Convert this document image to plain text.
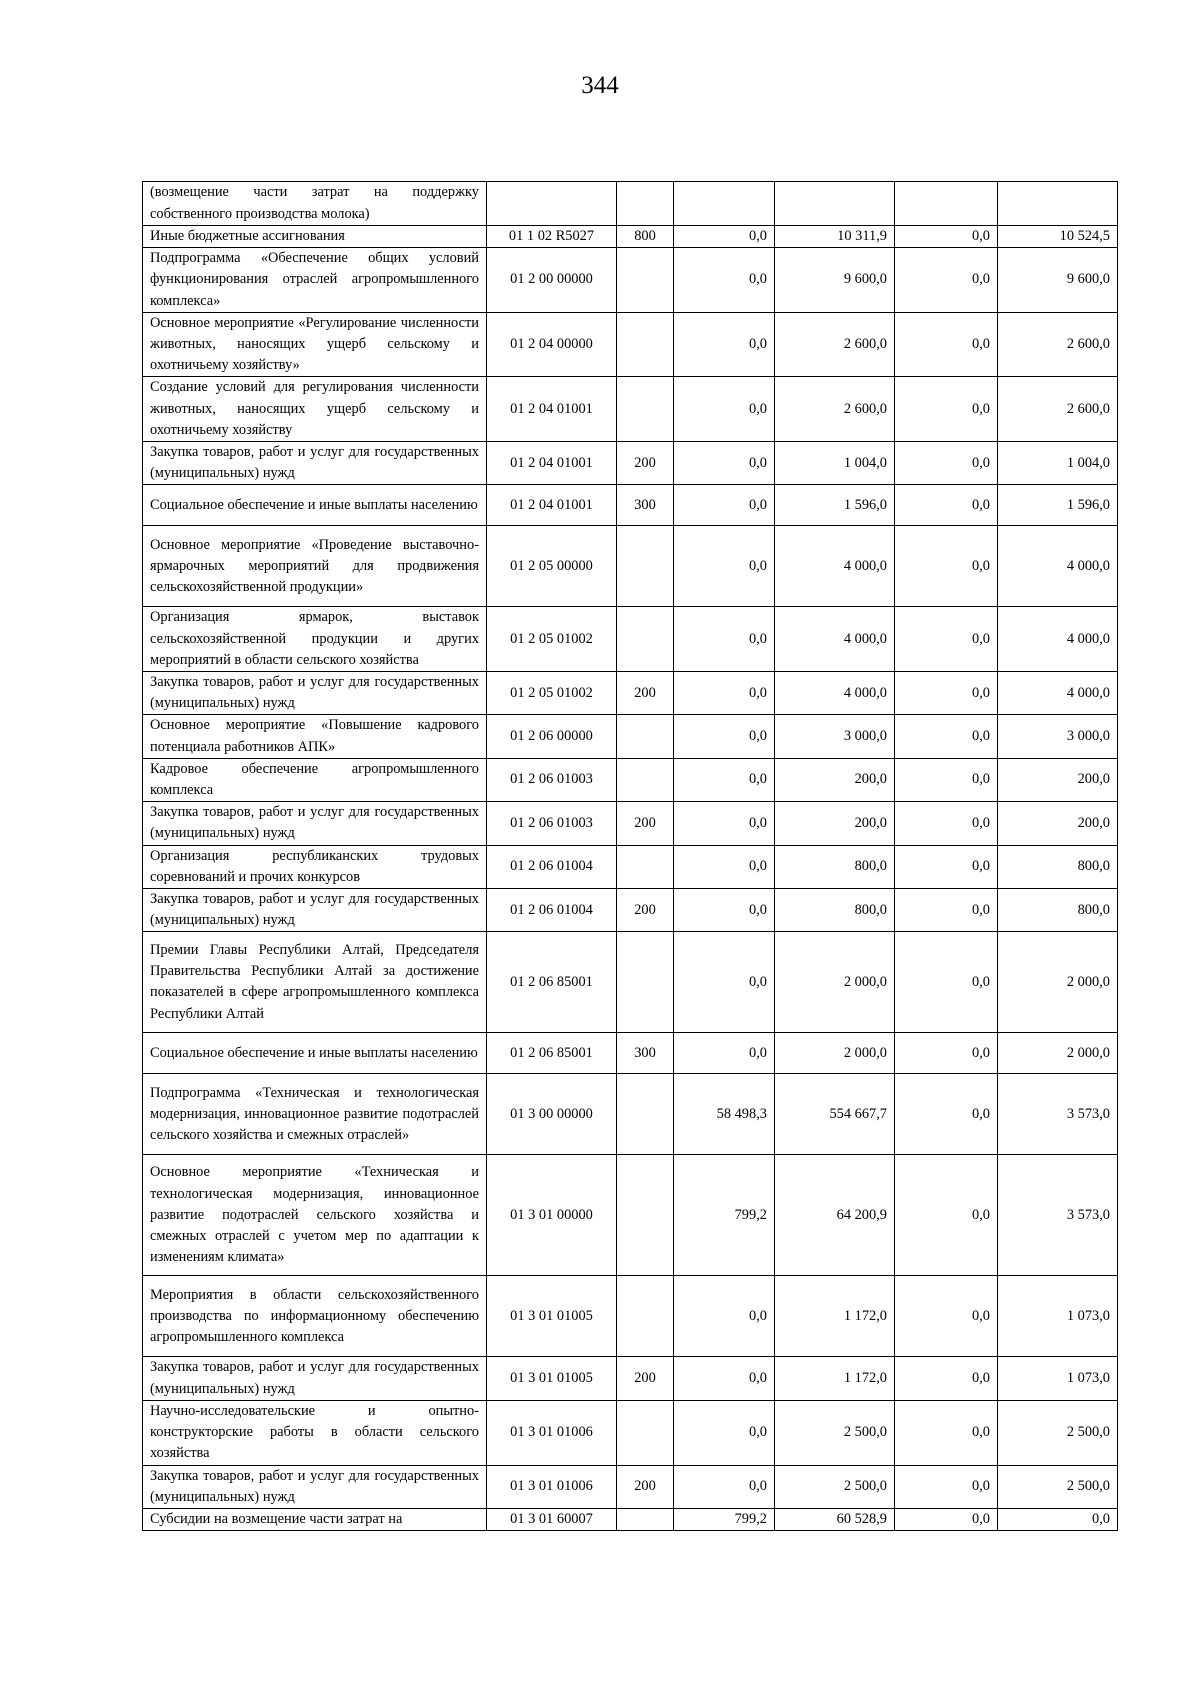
344
(возмещение части затрат на поддержку собственного производства молока)						
Иные бюджетные ассигнования	01 1 02 R5027	800	0,0	10 311,9	0,0	10 524,5
Подпрограмма «Обеспечение общих условий функционирования отраслей агропромышленного комплекса»	01 2 00 00000		0,0	9 600,0	0,0	9 600,0
Основное мероприятие «Регулирование численности животных, наносящих ущерб сельскому и охотничьему хозяйству»	01 2 04 00000		0,0	2 600,0	0,0	2 600,0
Создание условий для регулирования численности животных, наносящих ущерб сельскому и охотничьему хозяйству	01 2 04 01001		0,0	2 600,0	0,0	2 600,0
Закупка товаров, работ и услуг для государственных (муниципальных) нужд	01 2 04 01001	200	0,0	1 004,0	0,0	1 004,0
Социальное обеспечение и иные выплаты населению	01 2 04 01001	300	0,0	1 596,0	0,0	1 596,0
Основное мероприятие «Проведение выставочно-ярмарочных мероприятий для продвижения сельскохозяйственной продукции»	01 2 05 00000		0,0	4 000,0	0,0	4 000,0
Организация ярмарок, выставок сельскохозяйственной продукции и других мероприятий в области сельского хозяйства	01 2 05 01002		0,0	4 000,0	0,0	4 000,0
Закупка товаров, работ и услуг для государственных (муниципальных) нужд	01 2 05 01002	200	0,0	4 000,0	0,0	4 000,0
Основное мероприятие «Повышение кадрового потенциала работников АПК»	01 2 06 00000		0,0	3 000,0	0,0	3 000,0
Кадровое обеспечение агропромышленного комплекса	01 2 06 01003		0,0	200,0	0,0	200,0
Закупка товаров, работ и услуг для государственных (муниципальных) нужд	01 2 06 01003	200	0,0	200,0	0,0	200,0
Организация республиканских трудовых соревнований и прочих конкурсов	01 2 06 01004		0,0	800,0	0,0	800,0
Закупка товаров, работ и услуг для государственных (муниципальных) нужд	01 2 06 01004	200	0,0	800,0	0,0	800,0
Премии Главы Республики Алтай, Председателя Правительства Республики Алтай за достижение показателей в сфере агропромышленного комплекса Республики Алтай	01 2 06 85001		0,0	2 000,0	0,0	2 000,0
Социальное обеспечение и иные выплаты населению	01 2 06 85001	300	0,0	2 000,0	0,0	2 000,0
Подпрограмма «Техническая и технологическая модернизация, инновационное развитие подотраслей сельского хозяйства и смежных отраслей»	01 3 00 00000		58 498,3	554 667,7	0,0	3 573,0
Основное мероприятие «Техническая и технологическая модернизация, инновационное развитие подотраслей сельского хозяйства и смежных отраслей с учетом мер по адаптации к изменениям климата»	01 3 01 00000		799,2	64 200,9	0,0	3 573,0
Мероприятия в области сельскохозяйственного производства по информационному обеспечению агропромышленного комплекса	01 3 01 01005		0,0	1 172,0	0,0	1 073,0
Закупка товаров, работ и услуг для государственных (муниципальных) нужд	01 3 01 01005	200	0,0	1 172,0	0,0	1 073,0
Научно-исследовательские и опытно-конструкторские работы в области сельского хозяйства	01 3 01 01006		0,0	2 500,0	0,0	2 500,0
Закупка товаров, работ и услуг для государственных (муниципальных) нужд	01 3 01 01006	200	0,0	2 500,0	0,0	2 500,0
Субсидии на возмещение части затрат на	01 3 01 60007		799,2	60 528,9	0,0	0,0
